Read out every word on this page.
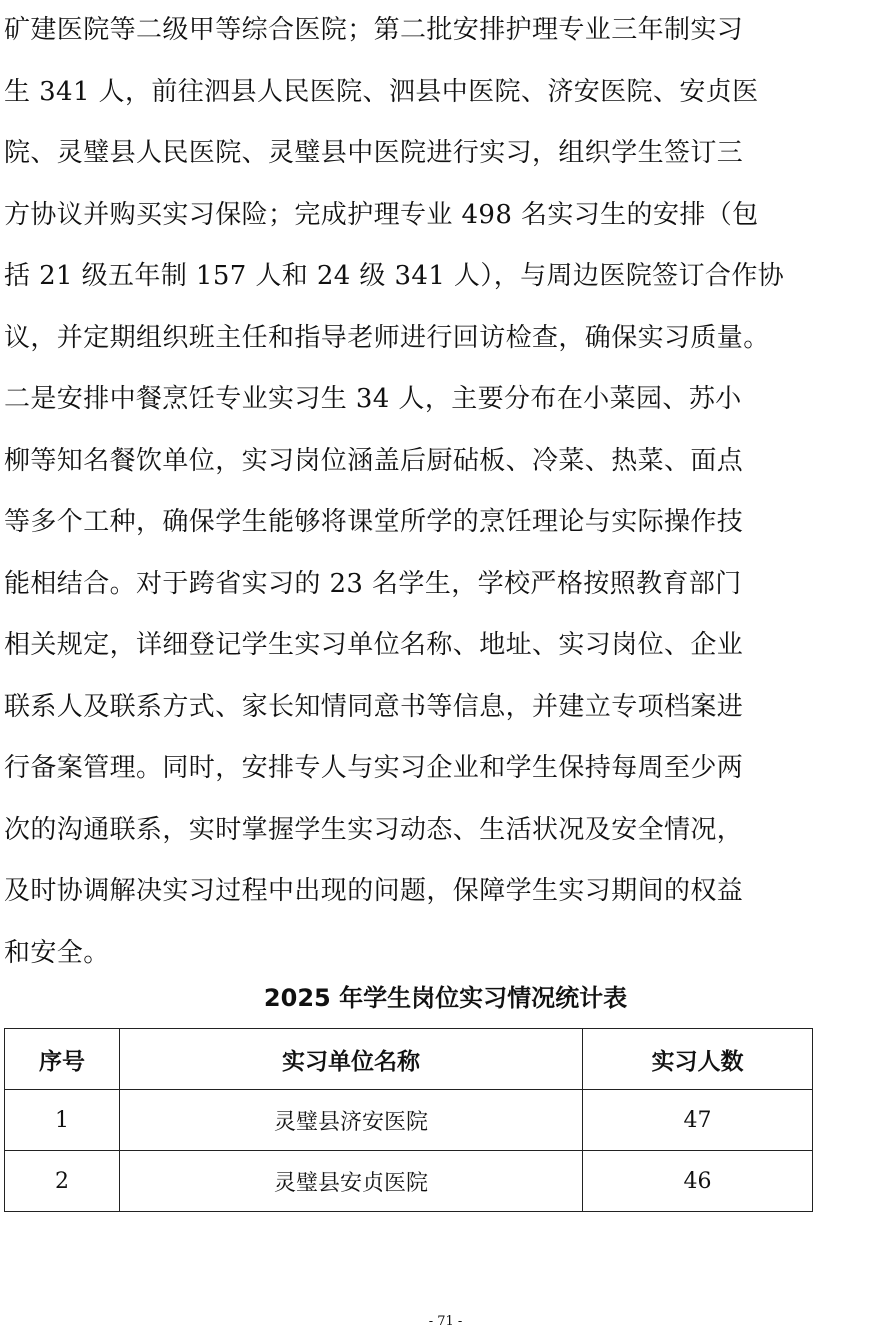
矿建医院等二级甲等综合医院；第二批安排护理专业三年制实习
生 341 人，前往泗县人民医院、泗县中医院、济安医院、安贞医
院、灵璧县人民医院、灵璧县中医院进行实习，组织学生签订三
方协议并购买实习保险；完成护理专业 498 名实习生的安排（包
括 21 级五年制 157 人和 24 级 341 人），与周边医院签订合作协
议，并定期组织班主任和指导老师进行回访检查，确保实习质量。
二是安排中餐烹饪专业实习生 34 人，主要分布在小菜园、苏小
柳等知名餐饮单位，实习岗位涵盖后厨砧板、冷菜、热菜、面点
等多个工种，确保学生能够将课堂所学的烹饪理论与实际操作技
能相结合。对于跨省实习的 23 名学生，学校严格按照教育部门
相关规定，详细登记学生实习单位名称、地址、实习岗位、企业
联系人及联系方式、家长知情同意书等信息，并建立专项档案进
行备案管理。同时，安排专人与实习企业和学生保持每周至少两
次的沟通联系，实时掌握学生实习动态、生活状况及安全情况，
及时协调解决实习过程中出现的问题，保障学生实习期间的权益
和安全。
2025 年学生岗位实习情况统计表
序号	实习单位名称	实习人数
1	灵璧县济安医院	47
2	灵璧县安贞医院	46
- 71 -
